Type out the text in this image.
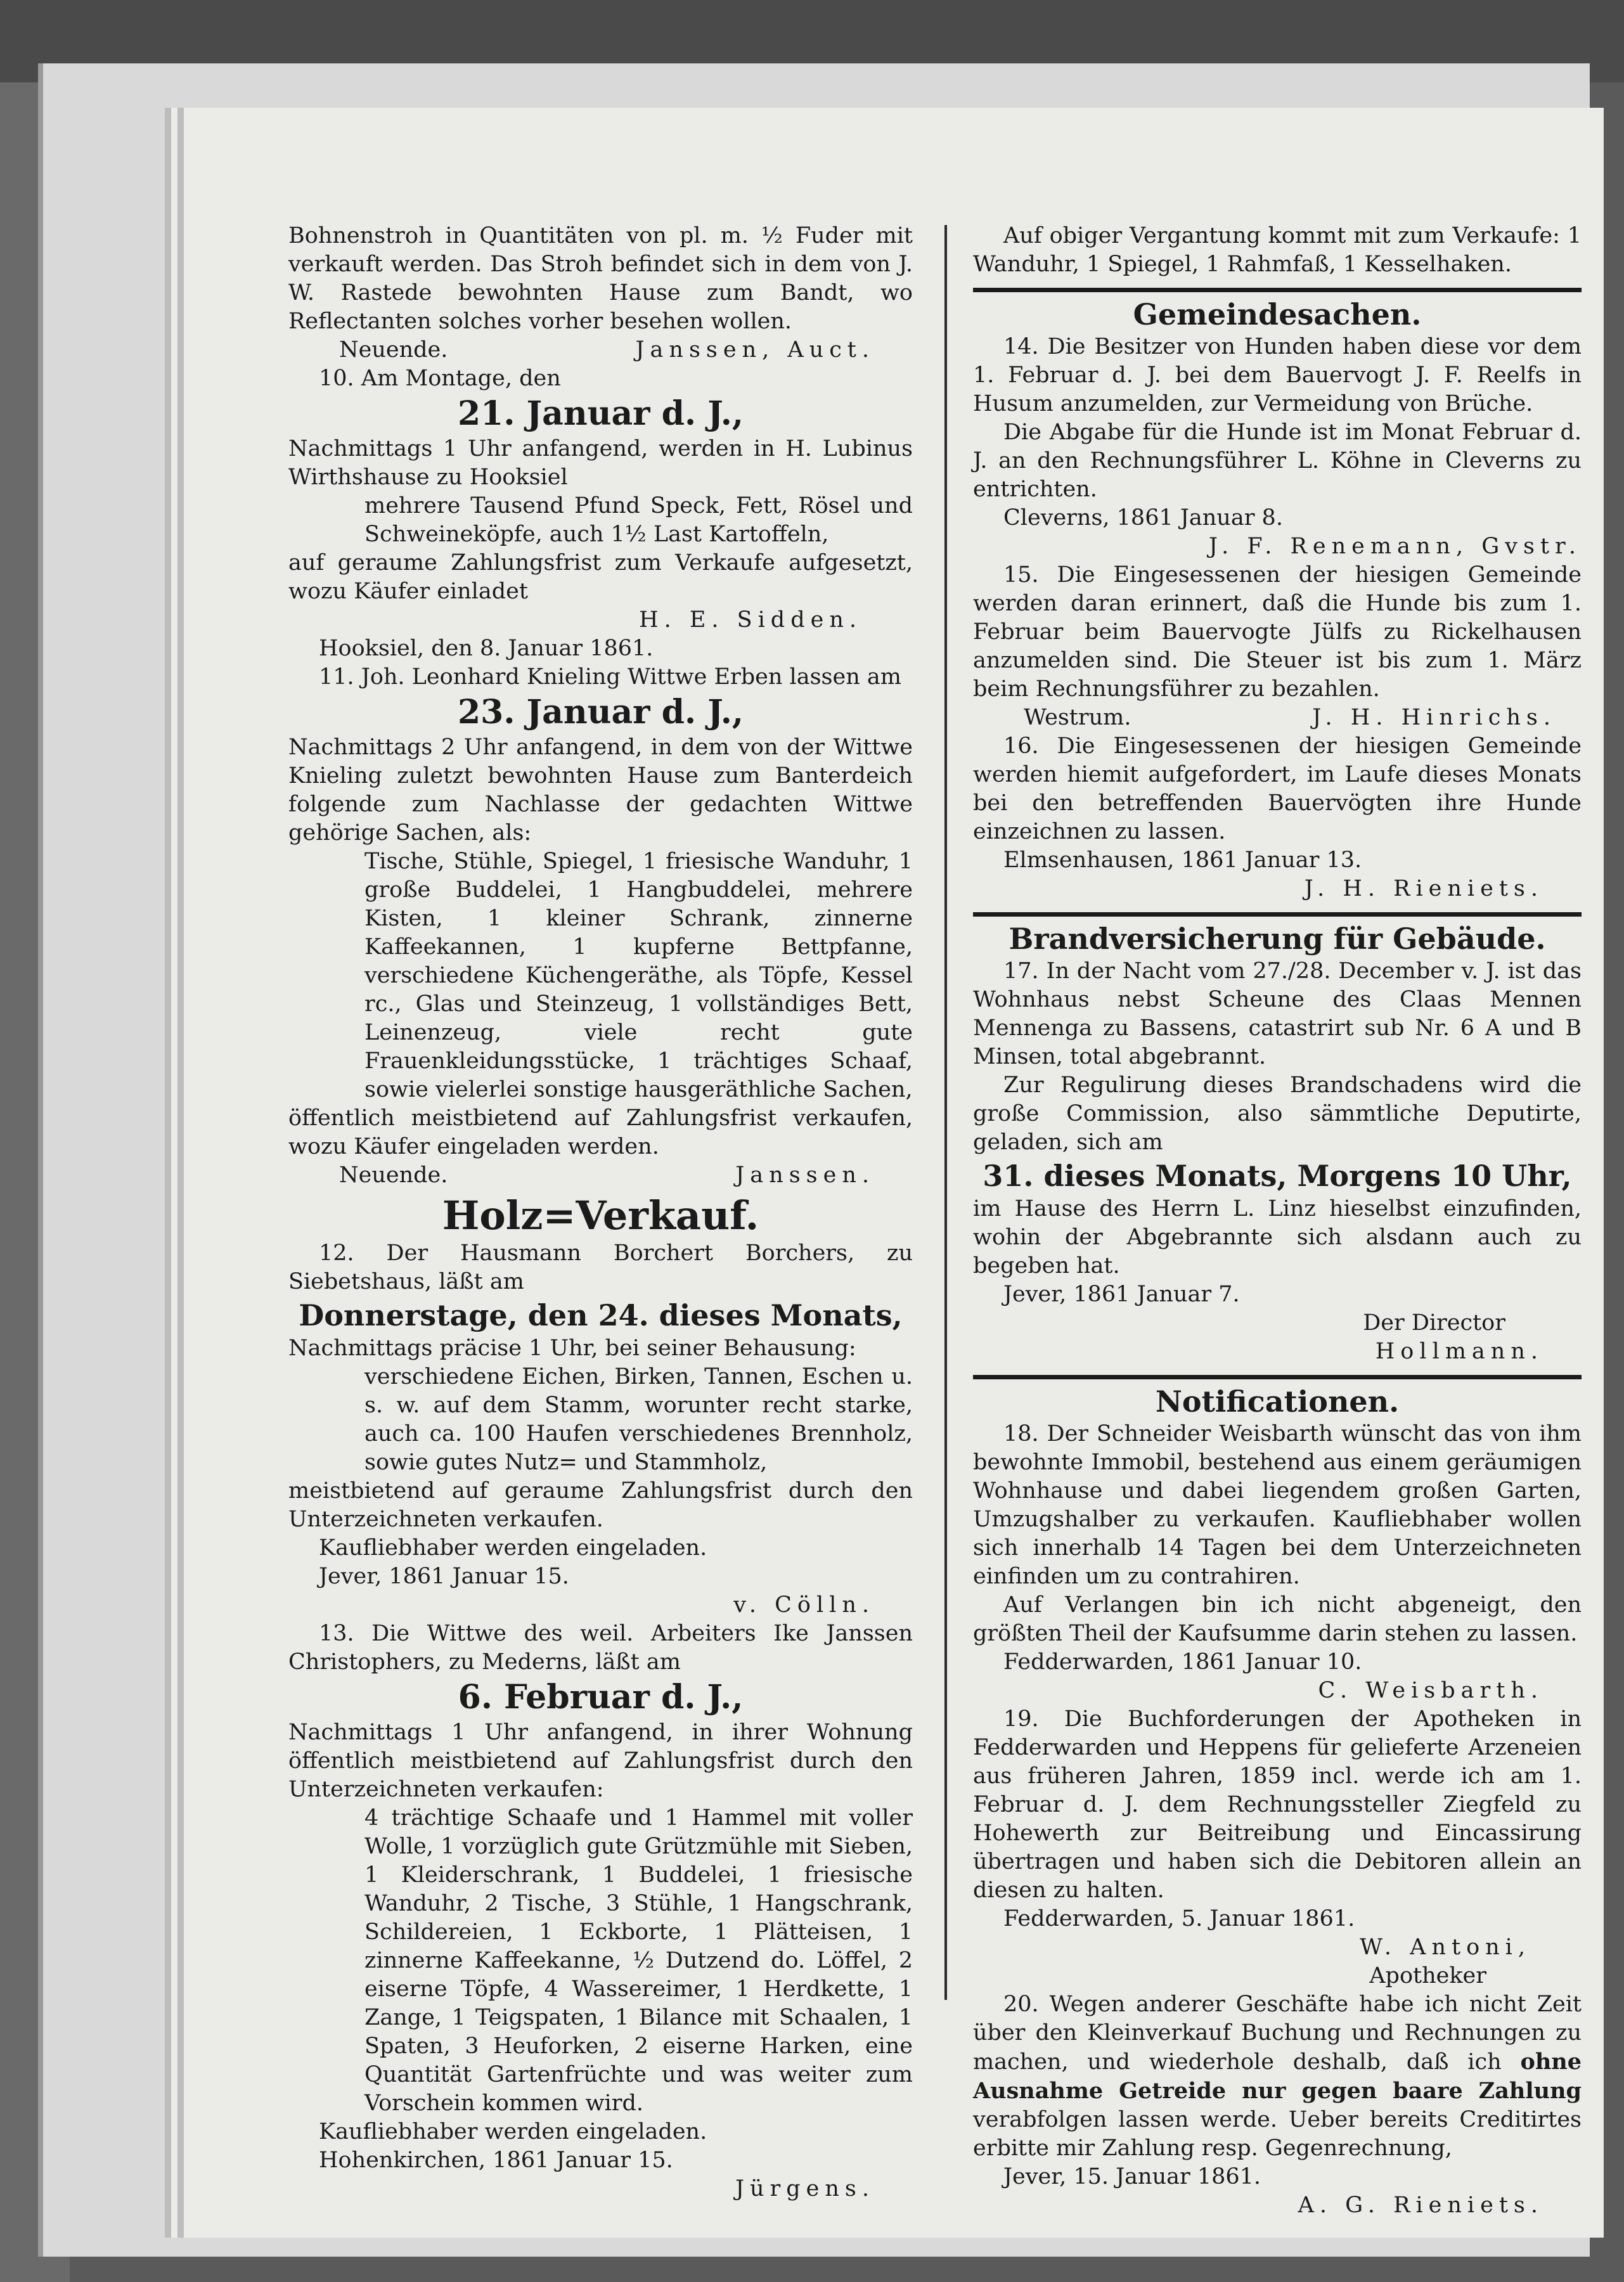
Bohnenstroh in Quantitäten von pl. m. ½ Fuder mit verkauft werden. Das Stroh befindet sich in dem von J. W. Rastede bewohnten Hause zum Bandt, wo Reflectanten solches vorher besehen wollen.

Neuende.	Janssen, Auct.

10. Am Montage, den

21. Januar d. J.,

Nachmittags 1 Uhr anfangend, werden in H. Lubinus Wirthshause zu Hooksiel

mehrere Tausend Pfund Speck, Fett, Rösel und Schweineköpfe, auch 1½ Last Kartoffeln,

auf geraume Zahlungsfrist zum Verkaufe aufgesetzt, wozu Käufer einladet

H. E. Sidden.

Hooksiel, den 8. Januar 1861.

11. Joh. Leonhard Knieling Wittwe Erben lassen am

23. Januar d. J.,

Nachmittags 2 Uhr anfangend, in dem von der Wittwe Knieling zuletzt bewohnten Hause zum Banterdeich folgende zum Nachlasse der gedachten Wittwe gehörige Sachen, als:

Tische, Stühle, Spiegel, 1 friesische Wanduhr, 1 große Buddelei, 1 Hangbuddelei, mehrere Kisten, 1 kleiner Schrank, zinnerne Kaffeekannen, 1 kupferne Bettpfanne, verschiedene Küchengeräthe, als Töpfe, Kessel rc., Glas und Steinzeug, 1 vollständiges Bett, Leinenzeug, viele recht gute Frauenkleidungsstücke, 1 trächtiges Schaaf, sowie vielerlei sonstige hausgeräthliche Sachen,

öffentlich meistbietend auf Zahlungsfrist verkaufen, wozu Käufer eingeladen werden.

Neuende.	Janssen.
Holz=Verkauf.

12. Der Hausmann Borchert Borchers, zu Siebetshaus, läßt am

Donnerstage, den 24. dieses Monats,

Nachmittags präcise 1 Uhr, bei seiner Behausung:

verschiedene Eichen, Birken, Tannen, Eschen u. s. w. auf dem Stamm, worunter recht starke, auch ca. 100 Haufen verschiedenes Brennholz, sowie gutes Nutz= und Stammholz,

meistbietend auf geraume Zahlungsfrist durch den Unterzeichneten verkaufen.

Kaufliebhaber werden eingeladen.

Jever, 1861 Januar 15.

v. Cölln.

13. Die Wittwe des weil. Arbeiters Ike Janssen Christophers, zu Mederns, läßt am

6. Februar d. J.,

Nachmittags 1 Uhr anfangend, in ihrer Wohnung öffentlich meistbietend auf Zahlungsfrist durch den Unterzeichneten verkaufen:

4 trächtige Schaafe und 1 Hammel mit voller Wolle, 1 vorzüglich gute Grützmühle mit Sieben, 1 Kleiderschrank, 1 Buddelei, 1 friesische Wanduhr, 2 Tische, 3 Stühle, 1 Hangschrank, Schildereien, 1 Eckborte, 1 Plätteisen, 1 zinnerne Kaffeekanne, ½ Dutzend do. Löffel, 2 eiserne Töpfe, 4 Wassereimer, 1 Herdkette, 1 Zange, 1 Teigspaten, 1 Bilance mit Schaalen, 1 Spaten, 3 Heuforken, 2 eiserne Harken, eine Quantität Gartenfrüchte und was weiter zum Vorschein kommen wird.

Kaufliebhaber werden eingeladen.

Hohenkirchen, 1861 Januar 15.

Jürgens.

Auf obiger Vergantung kommt mit zum Verkaufe: 1 Wanduhr, 1 Spiegel, 1 Rahmfaß, 1 Kesselhaken.

Gemeindesachen.

14. Die Besitzer von Hunden haben diese vor dem 1. Februar d. J. bei dem Bauervogt J. F. Reelfs in Husum anzumelden, zur Vermeidung von Brüche.

Die Abgabe für die Hunde ist im Monat Februar d. J. an den Rechnungsführer L. Köhne in Cleverns zu entrichten.

Cleverns, 1861 Januar 8.

J. F. Renemann, Gvstr.

15. Die Eingesessenen der hiesigen Gemeinde werden daran erinnert, daß die Hunde bis zum 1. Februar beim Bauervogte Jülfs zu Rickelhausen anzumelden sind. Die Steuer ist bis zum 1. März beim Rechnungsführer zu bezahlen.

Westrum.	J. H. Hinrichs.

16. Die Eingesessenen der hiesigen Gemeinde werden hiemit aufgefordert, im Laufe dieses Monats bei den betreffenden Bauervögten ihre Hunde einzeichnen zu lassen.

Elmsenhausen, 1861 Januar 13.

J. H. Rieniets.
Brandversicherung für Gebäude.

17. In der Nacht vom 27./28. December v. J. ist das Wohnhaus nebst Scheune des Claas Mennen Mennenga zu Bassens, catastrirt sub Nr. 6 A und B Minsen, total abgebrannt.

Zur Regulirung dieses Brandschadens wird die große Commission, also sämmtliche Deputirte, geladen, sich am

31. dieses Monats, Morgens 10 Uhr,

im Hause des Herrn L. Linz hieselbst einzufinden, wohin der Abgebrannte sich alsdann auch zu begeben hat.

Jever, 1861 Januar 7.

Der Director
Hollmann.
Notificationen.

18. Der Schneider Weisbarth wünscht das von ihm bewohnte Immobil, bestehend aus einem geräumigen Wohnhause und dabei liegendem großen Garten, Umzugshalber zu verkaufen. Kaufliebhaber wollen sich innerhalb 14 Tagen bei dem Unterzeichneten einfinden um zu contrahiren.

Auf Verlangen bin ich nicht abgeneigt, den größten Theil der Kaufsumme darin stehen zu lassen.

Fedderwarden, 1861 Januar 10.

C. Weisbarth.

19. Die Buchforderungen der Apotheken in Fedderwarden und Heppens für gelieferte Arzeneien aus früheren Jahren, 1859 incl. werde ich am 1. Februar d. J. dem Rechnungssteller Ziegfeld zu Hohewerth zur Beitreibung und Eincassirung übertragen und haben sich die Debitoren allein an diesen zu halten.

Fedderwarden, 5. Januar 1861.

W. Antoni,
Apotheker

20. Wegen anderer Geschäfte habe ich nicht Zeit über den Kleinverkauf Buchung und Rechnungen zu machen, und wiederhole deshalb, daß ich ohne Ausnahme Getreide nur gegen baare Zahlung verabfolgen lassen werde. Ueber bereits Creditirtes erbitte mir Zahlung resp. Gegenrechnung,

Jever, 15. Januar 1861.

A. G. Rieniets.
